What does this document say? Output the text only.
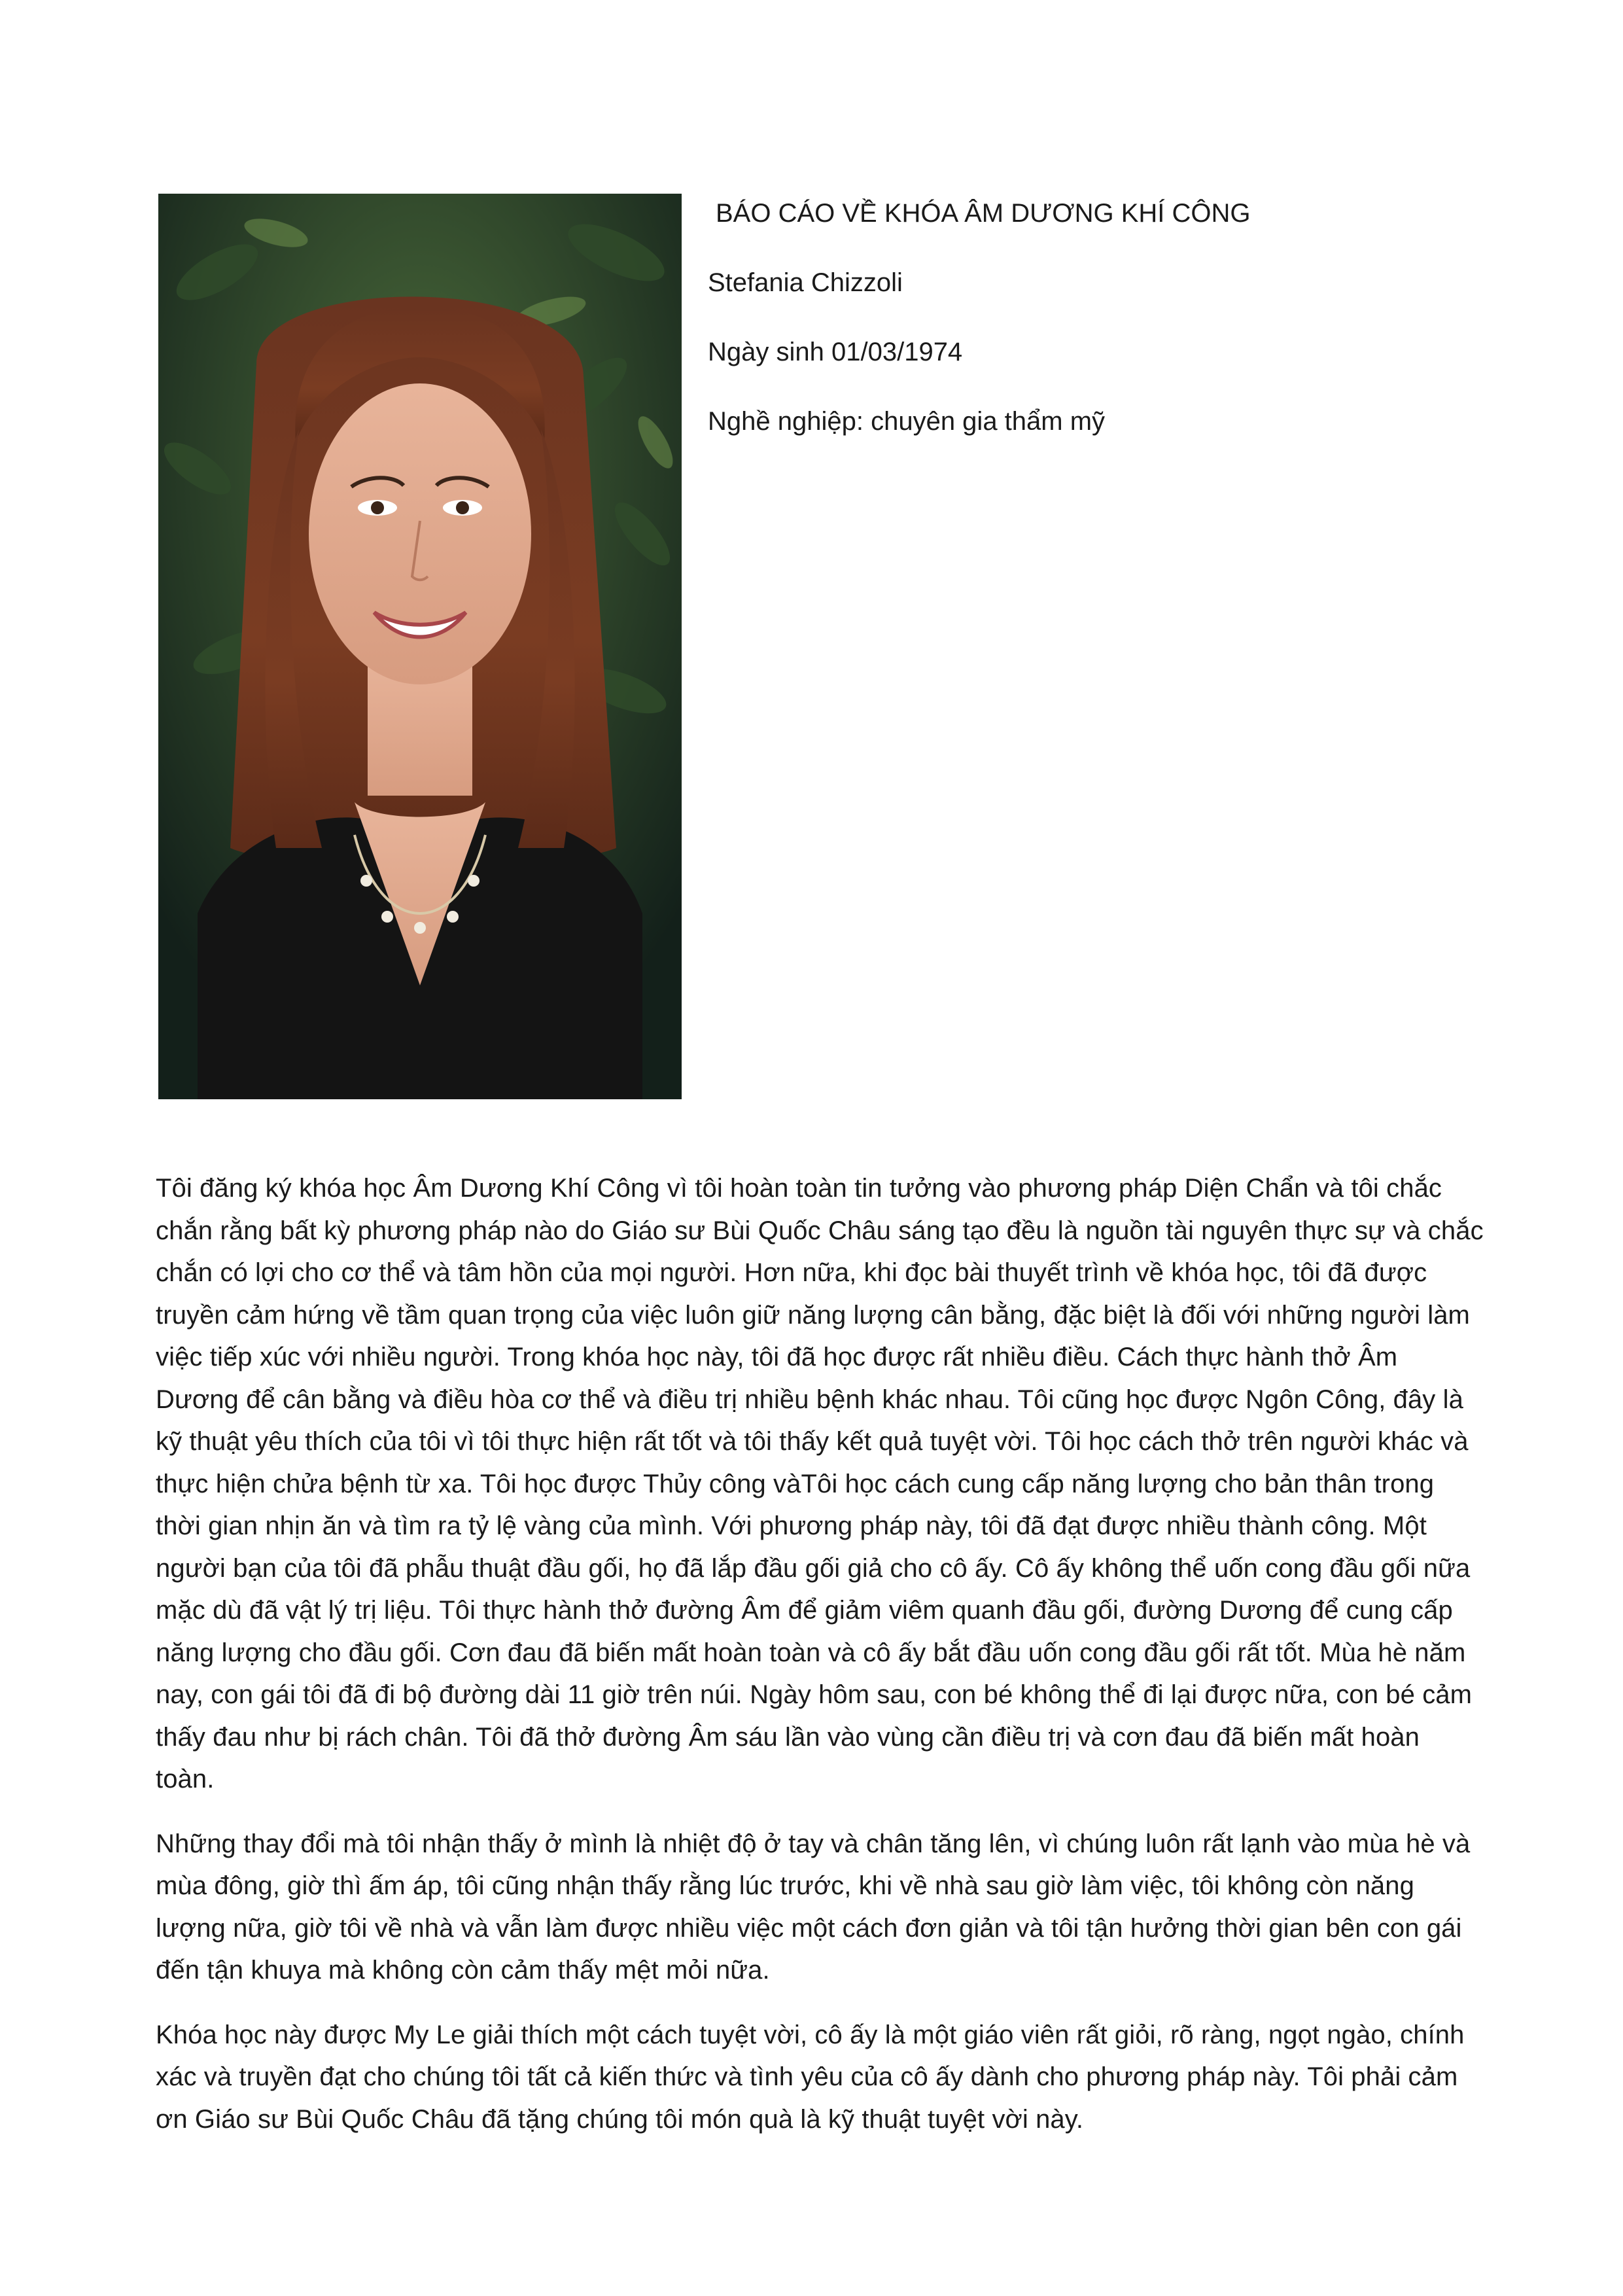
BÁO CÁO VỀ KHÓA ÂM DƯƠNG KHÍ CÔNG

Stefania Chizzoli

Ngày sinh 01/03/1974

Nghề nghiệp: chuyên gia thẩm mỹ

Tôi đăng ký khóa học Âm Dương Khí Công vì tôi hoàn toàn tin tưởng vào phương pháp Diện Chẩn và tôi chắc chắn rằng bất kỳ phương pháp nào do Giáo sư Bùi Quốc Châu sáng tạo đều là nguồn tài nguyên thực sự và chắc chắn có lợi cho cơ thể và tâm hồn của mọi người. Hơn nữa, khi đọc bài thuyết trình về khóa học, tôi đã được truyền cảm hứng về tầm quan trọng của việc luôn giữ năng lượng cân bằng, đặc biệt là đối với những người làm việc tiếp xúc với nhiều người. Trong khóa học này, tôi đã học được rất nhiều điều. Cách thực hành thở Âm Dương để cân bằng và điều hòa cơ thể và điều trị nhiều bệnh khác nhau. Tôi cũng học được Ngôn Công, đây là kỹ thuật yêu thích của tôi vì tôi thực hiện rất tốt và tôi thấy kết quả tuyệt vời. Tôi học cách thở trên người khác và thực hiện chửa bệnh từ xa. Tôi học được Thủy công vàTôi học cách cung cấp năng lượng cho bản thân trong thời gian nhịn ăn và tìm ra tỷ lệ vàng của mình. Với phương pháp này, tôi đã đạt được nhiều thành công. Một người bạn của tôi đã phẫu thuật đầu gối, họ đã lắp đầu gối giả cho cô ấy. Cô ấy không thể uốn cong đầu gối nữa mặc dù đã vật lý trị liệu. Tôi thực hành thở đường Âm để giảm viêm quanh đầu gối, đường Dương để cung cấp năng lượng cho đầu gối. Cơn đau đã biến mất hoàn toàn và cô ấy bắt đầu uốn cong đầu gối rất tốt. Mùa hè năm nay, con gái tôi đã đi bộ đường dài 11 giờ trên núi. Ngày hôm sau, con bé không thể đi lại được nữa, con bé cảm thấy đau như bị rách chân. Tôi đã thở đường Âm sáu lần vào vùng cần điều trị và cơn đau đã biến mất hoàn toàn.

Những thay đổi mà tôi nhận thấy ở mình là nhiệt độ ở tay và chân tăng lên, vì chúng luôn rất lạnh vào mùa hè và mùa đông, giờ thì ấm áp, tôi cũng nhận thấy rằng lúc trước, khi về nhà sau giờ làm việc, tôi không còn năng lượng nữa, giờ tôi về nhà và vẫn làm được nhiều việc một cách đơn giản và tôi tận hưởng thời gian bên con gái đến tận khuya mà không còn cảm thấy mệt mỏi nữa.

Khóa học này được My Le giải thích một cách tuyệt vời, cô ấy là một giáo viên rất giỏi, rõ ràng, ngọt ngào, chính xác và truyền đạt cho chúng tôi tất cả kiến thức và tình yêu của cô ấy dành cho phương pháp này. Tôi phải cảm ơn Giáo sư Bùi Quốc Châu đã tặng chúng tôi món quà là kỹ thuật tuyệt vời này.
